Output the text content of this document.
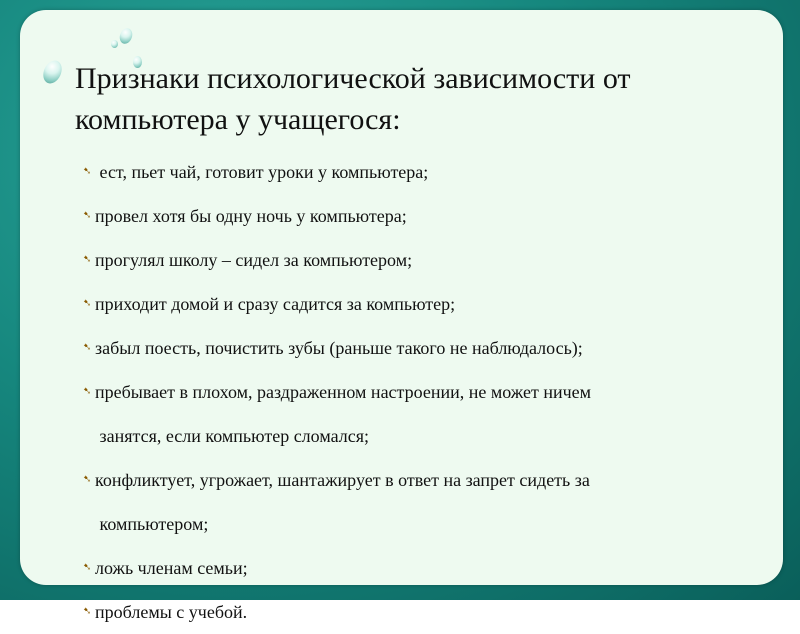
Признаки психологической зависимости от компьютера у учащегося:
➷ ест, пьет чай, готовит уроки у компьютера;
➷ провел хотя бы одну ночь у компьютера;
➷ прогулял школу – сидел за компьютером;
➷ приходит домой и сразу садится за компьютер;
➷ забыл поесть, почистить зубы (раньше такого не наблюдалось);
➷ пребывает в плохом, раздраженном настроении, не может ничем
занятся, если компьютер сломался;
➷ конфликтует, угрожает, шантажирует в ответ на запрет сидеть за
компьютером;
➷ ложь членам семьи;
➷ проблемы с учебой.
